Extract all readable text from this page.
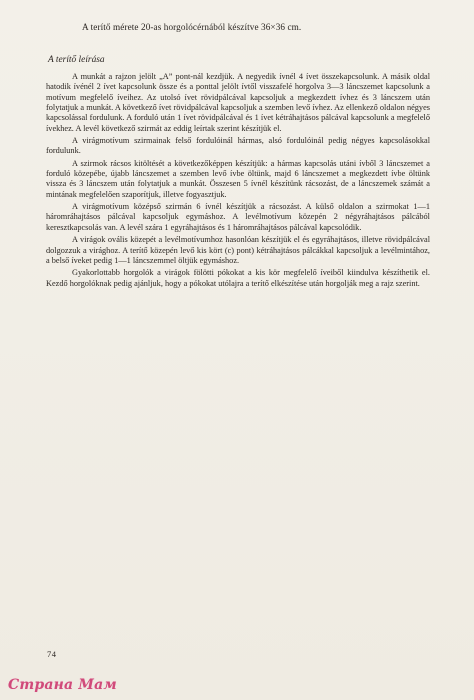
A terítő mérete 20-as horgolócérnából készítve 36×36 cm.
A terítő leírása

A munkát a rajzon jelölt „A” pont-nál kezdjük. A negyedik ívnél 4 ívet összekapcsolunk. A másik oldal hatodik ívénél 2 ívet kapcsolunk össze és a ponttal jelölt ívtől visszafelé horgolva 3—3 láncszemet kapcsolunk a motívum megfelelő íveihez. Az utolsó ívet rövidpálcával kapcsoljuk a megkezdett ívhez és 3 láncszem után folytatjuk a munkát. A következő ívet rövidpálcával kapcsoljuk a szemben levő ívhez. Az ellenkező oldalon négyes kapcsolással fordulunk. A forduló után 1 ívet rövidpálcával és 1 ívet kétráhajtásos pálcával kapcsolunk a megfelelő ívekhez. A levél következő szirmát az eddig leírtak szerint készítjük el.

A virágmotívum szirmainak felső fordulóinál hármas, alsó fordulóinál pedig négyes kapcsolásokkal fordulunk.

A szirmok rácsos kitöltését a következőképpen készítjük: a hármas kapcsolás utáni ívből 3 láncszemet a forduló közepébe, újabb láncszemet a szemben levő ívbe öltünk, majd 6 láncszemet a megkezdett ívbe öltünk vissza és 3 láncszem után folytatjuk a munkát. Összesen 5 ívnél készítünk rácsozást, de a láncszemek számát a mintának megfelelően szaporítjuk, illetve fogyasztjuk.

A virágmotívum középső szirmán 6 ívnél készítjük a rácsozást. A külső oldalon a szirmokat 1—1 háromráhajtásos pálcával kapcsoljuk egymáshoz. A levélmotívum közepén 2 négyráhajtásos pálcából keresztkapcsolás van. A levél szára 1 egyráhajtásos és 1 háromráhajtásos pálcával kapcsolódik.

A virágok ovális közepét a levélmotívumhoz hasonlóan készítjük el és egyráhajtásos, illetve rövidpálcával dolgozzuk a virághoz. A terítő közepén levő kis kört (c) pont) kétráhajtásos pálcákkal kapcsoljuk a levélmintához, a belső íveket pedig 1—1 láncszemmel öltjük egymáshoz.

Gyakorlottabb horgolók a virágok fölötti pókokat a kis kör megfelelő íveiből kiindulva készíthetik el. Kezdő horgolóknak pedig ajánljuk, hogy a pókokat utólajra a terítő elkészítése után horgolják meg a rajz szerint.

74
Страна Мам
